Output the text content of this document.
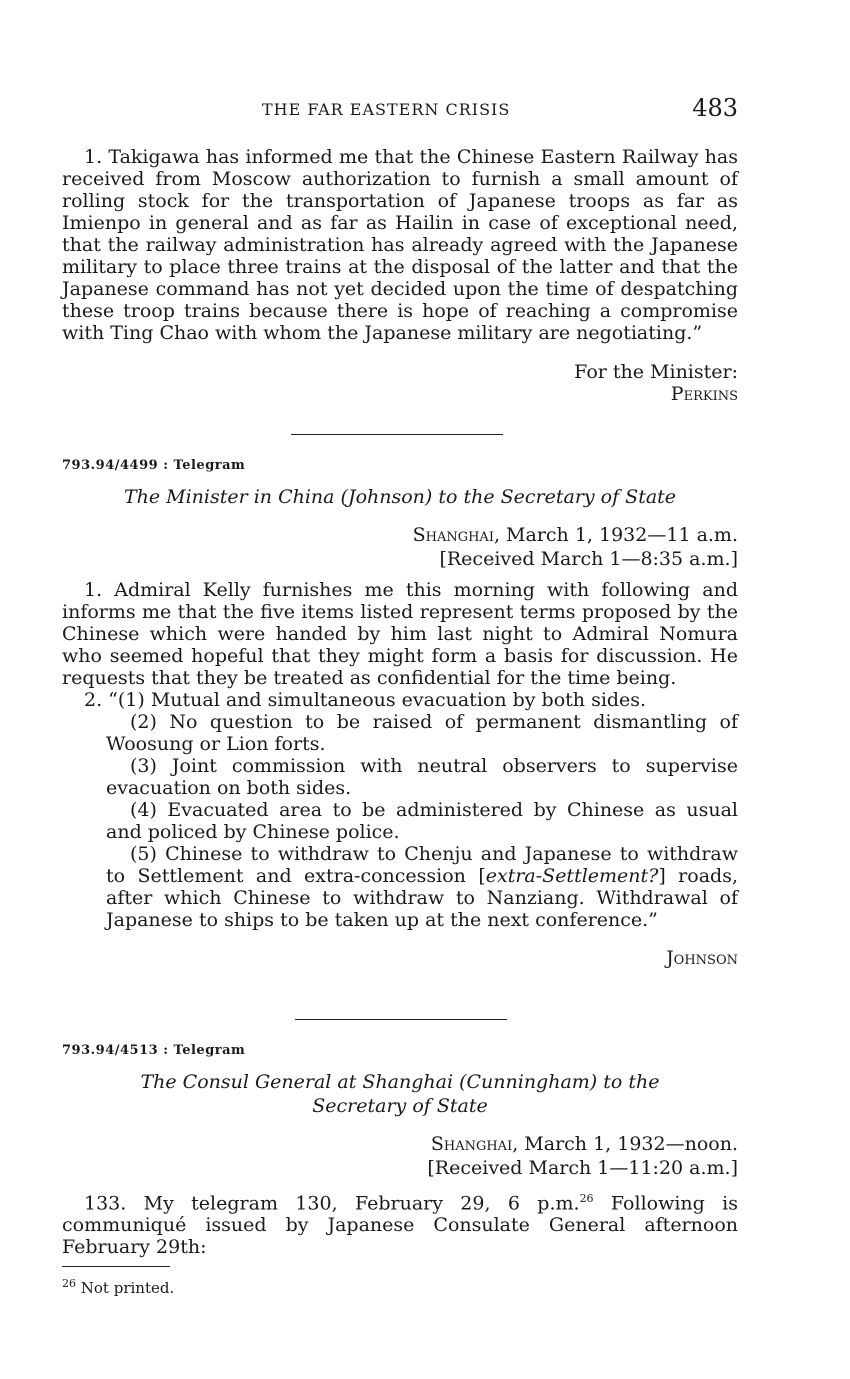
THE FAR EASTERN CRISIS	483

1. Takigawa has informed me that the Chinese Eastern Railway has received from Moscow authorization to furnish a small amount of rolling stock for the transportation of Japanese troops as far as Imienpo in general and as far as Hailin in case of exceptional need, that the railway administration has already agreed with the Japanese military to place three trains at the disposal of the latter and that the Japanese command has not yet decided upon the time of despatching these troop trains because there is hope of reaching a compromise with Ting Chao with whom the Japanese military are negotiating.”

For the Minister:

Perkins

793.94/4499 : Telegram

The Minister in China (Johnson) to the Secretary of State

Shanghai, March 1, 1932—11 a.m.

[Received March 1—8:35 a.m.]

1. Admiral Kelly furnishes me this morning with following and informs me that the five items listed represent terms proposed by the Chinese which were handed by him last night to Admiral Nomura who seemed hopeful that they might form a basis for discussion. He requests that they be treated as confidential for the time being.

2. “(1) Mutual and simultaneous evacuation by both sides.

(2) No question to be raised of permanent dismantling of Woosung or Lion forts.

(3) Joint commission with neutral observers to supervise evacuation on both sides.

(4) Evacuated area to be administered by Chinese as usual and policed by Chinese police.

(5) Chinese to withdraw to Chenju and Japanese to withdraw to Settlement and extra-concession [extra-Settlement?] roads, after which Chinese to withdraw to Nanziang. Withdrawal of Japanese to ships to be taken up at the next conference.”

Johnson

793.94/4513 : Telegram

The Consul General at Shanghai (Cunningham) to the

Secretary of State

Shanghai, March 1, 1932—noon.

[Received March 1—11:20 a.m.]

133. My telegram 130, February 29, 6 p.m.$^{26}$ Following is communiqué issued by Japanese Consulate General afternoon February 29th:

$^{26}$ Not printed.
